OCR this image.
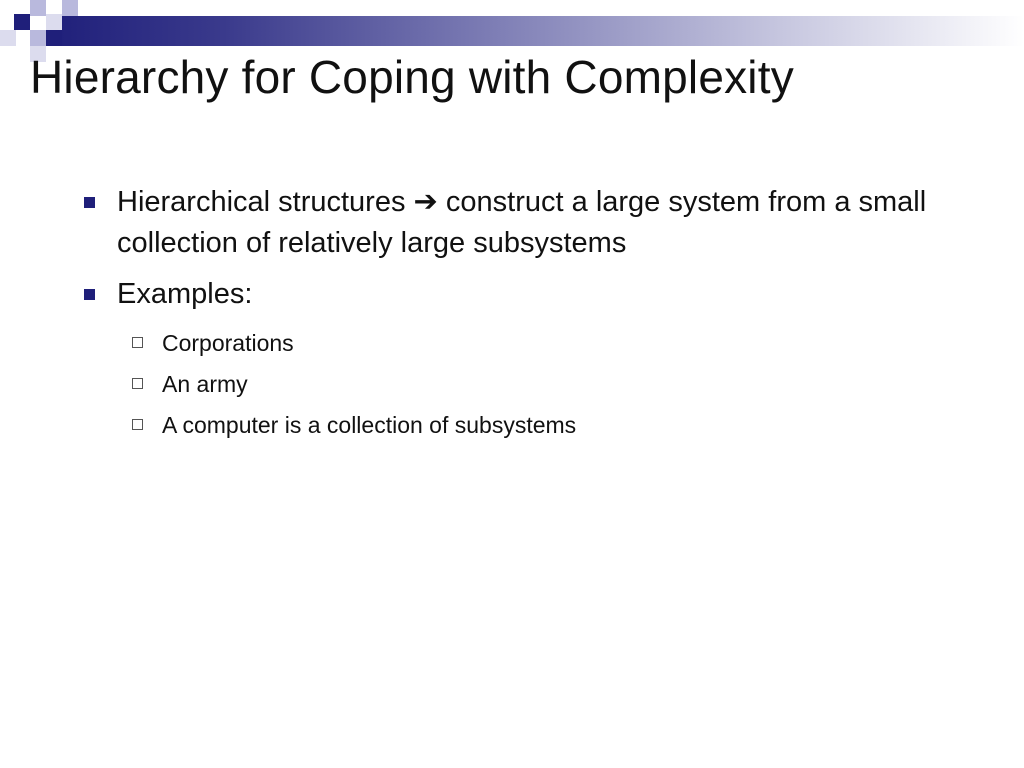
Hierarchy for Coping with Complexity
Hierarchical structures ➔ construct a large system from a small collection of relatively large subsystems
Examples:
Corporations
An army
A computer is a collection of subsystems
